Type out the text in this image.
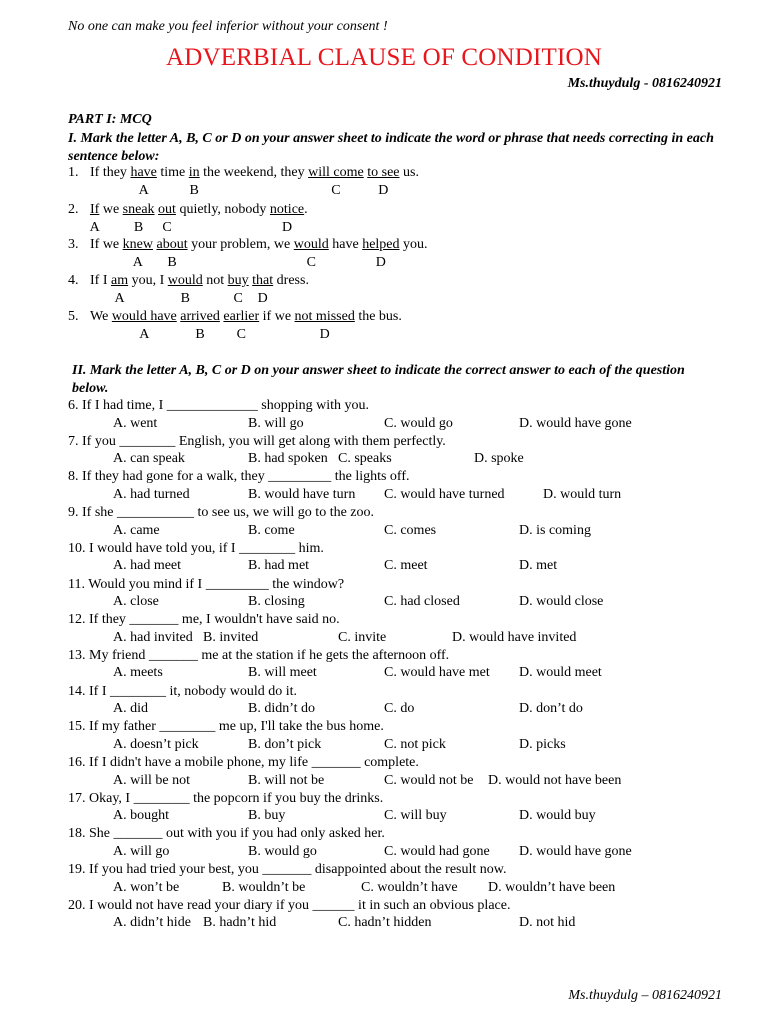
No one can make you feel inferior without your consent !
ADVERBIAL CLAUSE OF CONDITION
Ms.thuydulg - 0816240921
PART I: MCQ
I. Mark the letter A, B, C or D on your answer sheet to indicate the word or phrase that needs correcting in each sentence below:
1. If they have time in the weekend, they will come to see us.
A	B	C	D
2. If we sneak out quietly, nobody notice.
A B C	D
3. If we knew about your problem, we would have helped you.
A B	C	D
4. If I am you, I would not buy that dress.
A	B	C D
5. We would have arrived earlier if we not missed the bus.
A	B C	D
II. Mark the letter A, B, C or D on your answer sheet to indicate the correct answer to each of the question below.
6. If I had time, I _____________ shopping with you.
A. went	B. will go	C. would go	D. would have gone
7. If you ________ English, you will get along with them perfectly.
A. can speak	B. had spoken C. speaks	D. spoke
8. If they had gone for a walk, they _________ the lights off.
A. had turned	B. would have turn C. would have turned	D. would turn
9. If she ___________ to see us, we will go to the zoo.
A. came	B. come	C. comes	D. is coming
10. I would have told you, if I ________ him.
A. had meet	B. had met	C. meet	D. met
11. Would you mind if I _________ the window?
A. close	B. closing	C. had closed	D. would close
12. If they _______ me, I wouldn't have said no.
A. had invited B. invited	C. invite	D. would have invited
13. My friend _______ me at the station if he gets the afternoon off.
A. meets	B. will meet	C. would have met D. would meet
14. If I ________ it, nobody would do it.
A. did	B. didn’t do	C. do	D. don’t do
15. If my father ________ me up, I'll take the bus home.
A. doesn’t pick	B. don’t pick	C. not pick	D. picks
16. If I didn't have a mobile phone, my life _______ complete.
A. will be not	B. will not be	C. would not be D. would not have been
17. Okay, I ________ the popcorn if you buy the drinks.
A. bought	B. buy	C. will buy	D. would buy
18. She _______ out with you if you had only asked her.
A. will go	B. would go	C. would had gone D. would have gone
19. If you had tried your best, you _______ disappointed about the result now.
A. won’t be	B. wouldn’t be	C. wouldn’t have D. wouldn’t have been
20. I would not have read your diary if you ______ it in such an obvious place.
A. didn’t hide B. hadn’t hid	C. hadn’t hidden	D. not hid
Ms.thuydulg – 0816240921
